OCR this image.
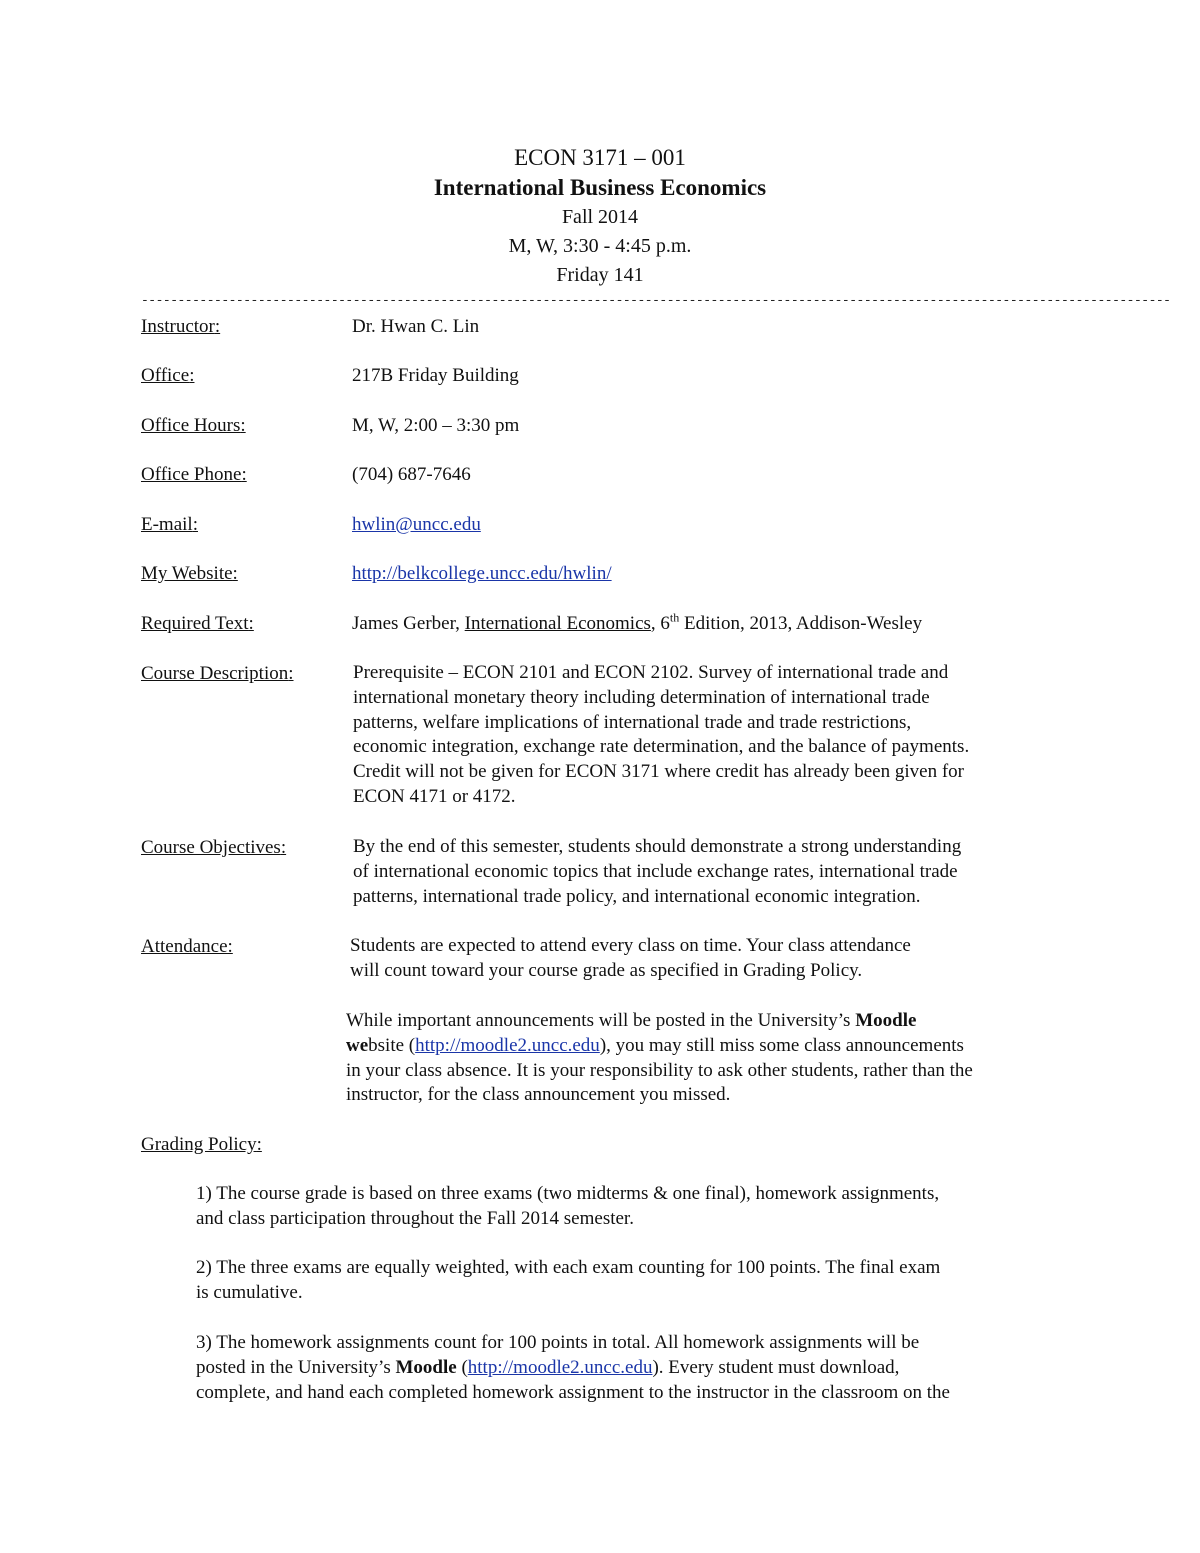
ECON 3171 – 001
International Business Economics
Fall 2014
M, W, 3:30 - 4:45 p.m.
Friday 141
---------------------------------------------------------------------------------------------------------------------------------------------
Instructor:	Dr. Hwan C. Lin
Office:	217B Friday Building
Office Hours:	M, W, 2:00 – 3:30 pm
Office Phone:	(704) 687-7646
E-mail:	hwlin@uncc.edu
My Website:	http://belkcollege.uncc.edu/hwlin/
Required Text:	James Gerber, International Economics, 6th Edition, 2013, Addison-Wesley
Course Description:	Prerequisite – ECON 2101 and ECON 2102. Survey of international trade and
international monetary theory including determination of international trade
patterns, welfare implications of international trade and trade restrictions,
economic integration, exchange rate determination, and the balance of payments.
Credit will not be given for ECON 3171 where credit has already been given for
ECON 4171 or 4172.
Course Objectives:	By the end of this semester, students should demonstrate a strong understanding
of international economic topics that include exchange rates, international trade
patterns, international trade policy, and international economic integration.
Attendance:	Students are expected to attend every class on time. Your class attendance
will count toward your course grade as specified in Grading Policy.
While important announcements will be posted in the University’s Moodle
website (http://moodle2.uncc.edu), you may still miss some class announcements
in your class absence. It is your responsibility to ask other students, rather than the
instructor, for the class announcement you missed.
Grading Policy:
1) The course grade is based on three exams (two midterms & one final), homework assignments,
and class participation throughout the Fall 2014 semester.
2) The three exams are equally weighted, with each exam counting for 100 points. The final exam
is cumulative.
3) The homework assignments count for 100 points in total. All homework assignments will be
posted in the University’s Moodle (http://moodle2.uncc.edu). Every student must download,
complete, and hand each completed homework assignment to the instructor in the classroom on the
